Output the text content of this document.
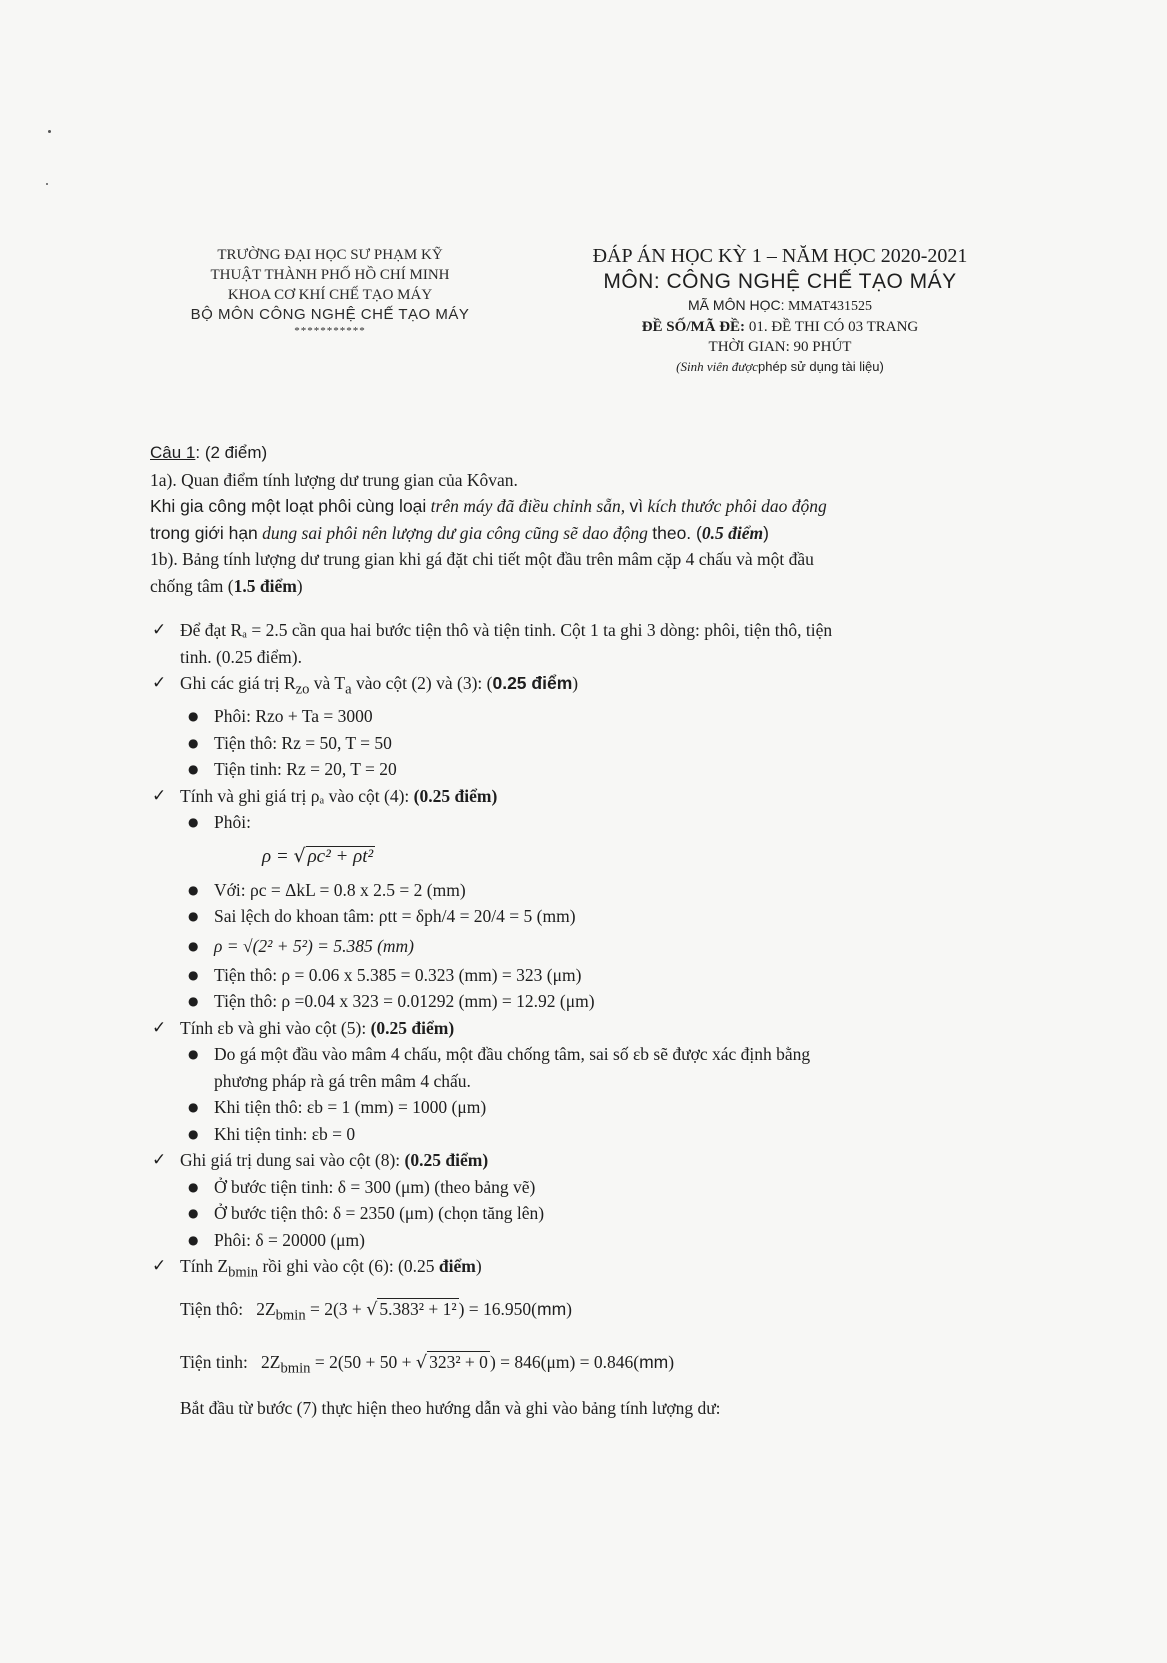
TRƯỜNG ĐẠI HỌC SƯ PHẠM KỸ
THUẬT THÀNH PHỐ HỒ CHÍ MINH
KHOA CƠ KHÍ CHẾ TẠO MÁY
BỘ MÔN CÔNG NGHỆ CHẾ TẠO MÁY
***********
ĐÁP ÁN HỌC KỲ 1 – NĂM HỌC 2020-2021
MÔN: CÔNG NGHỆ CHẾ TẠO MÁY
MÃ MÔN HỌC: MMAT431525
ĐỀ SỐ/MÃ ĐỀ: 01. ĐỀ THI CÓ 03 TRANG
THỜI GIAN: 90 PHÚT
(Sinh viên đượcphép sử dụng tài liệu)

Câu 1: (2 điểm)

1a). Quan điểm tính lượng dư trung gian của Kôvan.

Khi gia công một loạt phôi cùng loại trên máy đã điều chỉnh sẵn, vì kích thước phôi dao động

trong giới hạn dung sai phôi nên lượng dư gia công cũng sẽ dao động theo. (0.5 điểm)

1b). Bảng tính lượng dư trung gian khi gá đặt chi tiết một đầu trên mâm cặp 4 chấu và một đầu

chống tâm (1.5 điểm)

✓ Để đạt Rₐ = 2.5 cần qua hai bước tiện thô và tiện tinh. Cột 1 ta ghi 3 dòng: phôi, tiện thô, tiện
tinh. (0.25 điểm).
✓ Ghi các giá trị $R_{zo}$ và $T_a$ vào cột (2) và (3): (0.25 điểm)
● Phôi: Rzo + Ta = 3000
● Tiện thô: Rz = 50, T = 50
● Tiện tinh: Rz = 20, T = 20
✓ Tính và ghi giá trị ρₐ vào cột (4): (0.25 điểm)
● Phôi:
ρ = √ ρc² + ρt²
● Với: ρc = ΔkL = 0.8 x 2.5 = 2 (mm)
● Sai lệch do khoan tâm: ρtt = δph/4 = 20/4 = 5 (mm)
● ρ = √(2² + 5²) = 5.385 (mm)
● Tiện thô: ρ = 0.06 x 5.385 = 0.323 (mm) = 323 (μm)
● Tiện thô: ρ =0.04 x 323 = 0.01292 (mm) = 12.92 (μm)
✓ Tính εb và ghi vào cột (5): (0.25 điểm)
● Do gá một đầu vào mâm 4 chấu, một đầu chống tâm, sai số εb sẽ được xác định bằng
phương pháp rà gá trên mâm 4 chấu.
● Khi tiện thô: εb = 1 (mm) = 1000 (μm)
● Khi tiện tinh: εb = 0
✓ Ghi giá trị dung sai vào cột (8): (0.25 điểm)
● Ở bước tiện tinh: δ = 300 (μm) (theo bảng vẽ)
● Ở bước tiện thô: δ = 2350 (μm) (chọn tăng lên)
● Phôi: δ = 20000 (μm)
✓ Tính $Z_{bmin}$ rồi ghi vào cột (6): (0.25 điểm)
Tiện thô: $2Z_{bmin} = 2(3$ + √ 5.383² + 1² ) = 16.950(mm)
Tiện tinh: $2Z_{bmin} = 2(50 + 50$ + √ 323² + 0 ) = 846(μm) = 0.846(mm)
Bắt đầu từ bước (7) thực hiện theo hướng dẫn và ghi vào bảng tính lượng dư:
